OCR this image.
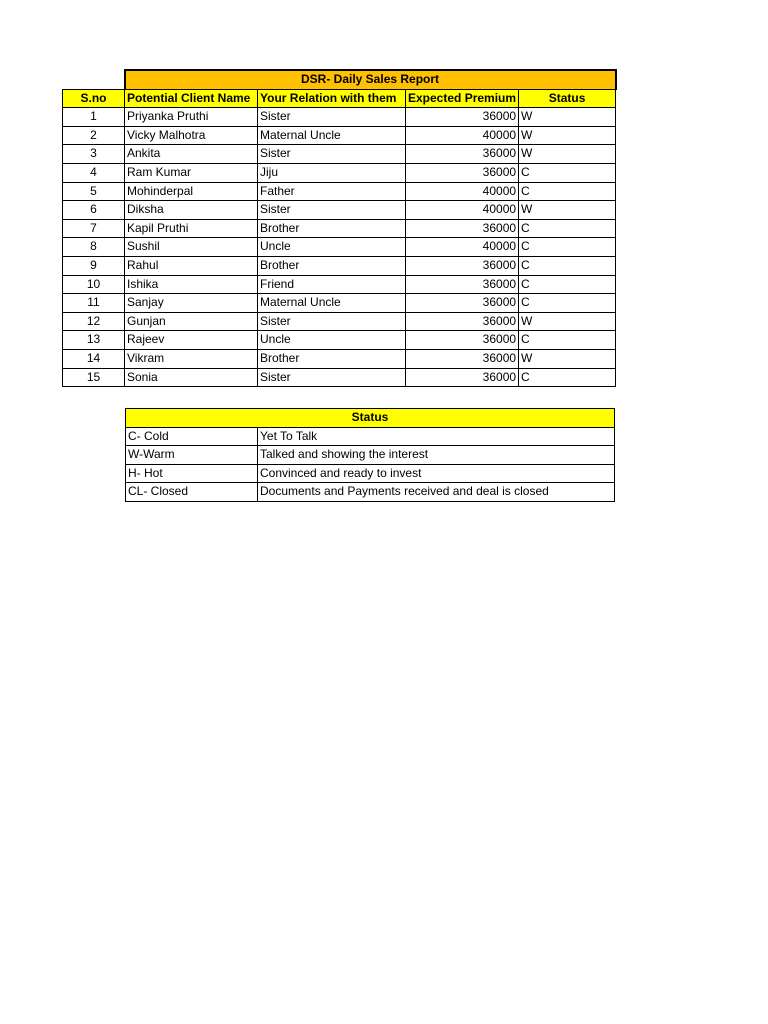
	DSR- Daily Sales Report			
S.no	Potential Client Name	Your Relation with them	Expected Premium	Status
1	Priyanka Pruthi	Sister	36000	W
2	Vicky Malhotra	Maternal Uncle	40000	W
3	Ankita	Sister	36000	W
4	Ram Kumar	Jiju	36000	C
5	Mohinderpal	Father	40000	C
6	Diksha	Sister	40000	W
7	Kapil Pruthi	Brother	36000	C
8	Sushil	Uncle	40000	C
9	Rahul	Brother	36000	C
10	Ishika	Friend	36000	C
11	Sanjay	Maternal Uncle	36000	C
12	Gunjan	Sister	36000	W
13	Rajeev	Uncle	36000	C
14	Vikram	Brother	36000	W
15	Sonia	Sister	36000	C
Status	
C- Cold	Yet To Talk
W-Warm	Talked and showing the interest
H- Hot	Convinced and ready to invest
CL- Closed	Documents and Payments received and deal is closed
